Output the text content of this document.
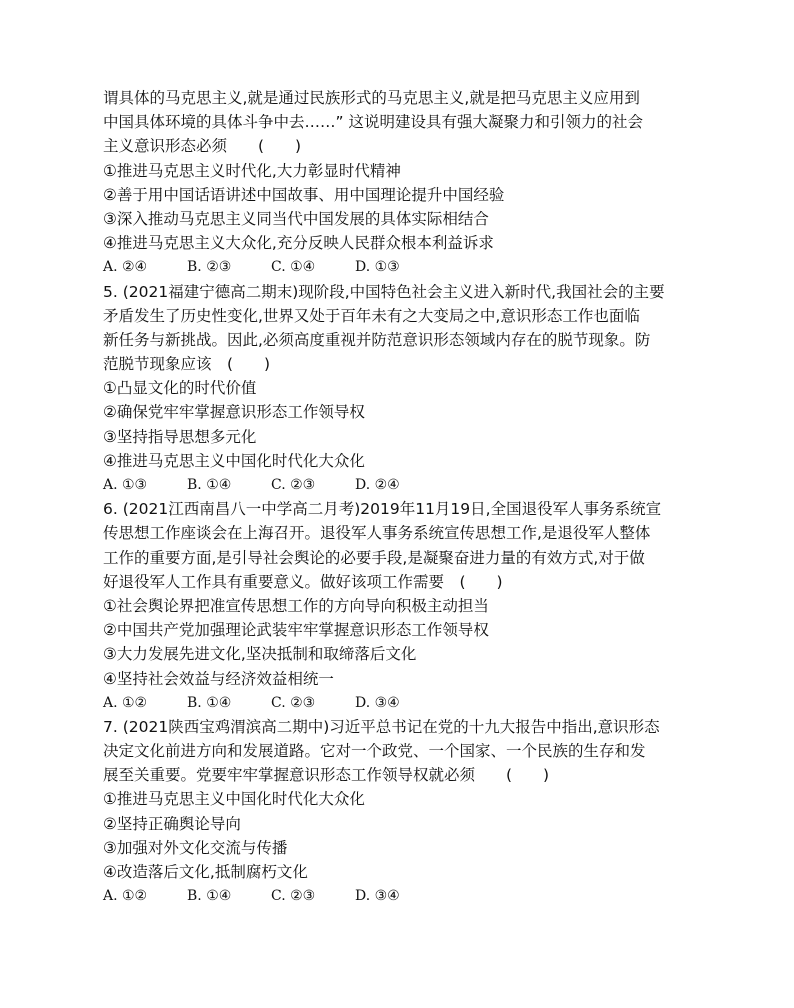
谓具体的马克思主义,就是通过民族形式的马克思主义,就是把马克思主义应用到
中国具体环境的具体斗争中去……” 这说明建设具有强大凝聚力和引领力的社会
主义意识形态必须　　(　　)
①推进马克思主义时代化,大力彰显时代精神
②善于用中国话语讲述中国故事、用中国理论提升中国经验
③深入推动马克思主义同当代中国发展的具体实际相结合
④推进马克思主义大众化,充分反映人民群众根本利益诉求
A. ②④	B. ②③	C. ①④	D. ①③
5. (2021福建宁德高二期末)现阶段,中国特色社会主义进入新时代,我国社会的主要
矛盾发生了历史性变化,世界又处于百年未有之大变局之中,意识形态工作也面临
新任务与新挑战。因此,必须高度重视并防范意识形态领域内存在的脱节现象。防
范脱节现象应该　(　　)
①凸显文化的时代价值
②确保党牢牢掌握意识形态工作领导权
③坚持指导思想多元化
④推进马克思主义中国化时代化大众化
A. ①③	B. ①④	C. ②③	D. ②④
6. (2021江西南昌八一中学高二月考)2019年11月19日,全国退役军人事务系统宣
传思想工作座谈会在上海召开。退役军人事务系统宣传思想工作,是退役军人整体
工作的重要方面,是引导社会舆论的必要手段,是凝聚奋进力量的有效方式,对于做
好退役军人工作具有重要意义。做好该项工作需要　(　　)
①社会舆论界把准宣传思想工作的方向导向积极主动担当
②中国共产党加强理论武装牢牢掌握意识形态工作领导权
③大力发展先进文化,坚决抵制和取缔落后文化
④坚持社会效益与经济效益相统一
A. ①②	B. ①④	C. ②③	D. ③④
7. (2021陕西宝鸡渭滨高二期中)习近平总书记在党的十九大报告中指出,意识形态
决定文化前进方向和发展道路。它对一个政党、一个国家、一个民族的生存和发
展至关重要。党要牢牢掌握意识形态工作领导权就必须　　(　　)
①推进马克思主义中国化时代化大众化
②坚持正确舆论导向
③加强对外文化交流与传播
④改造落后文化,抵制腐朽文化
A. ①②	B. ①④	C. ②③	D. ③④
